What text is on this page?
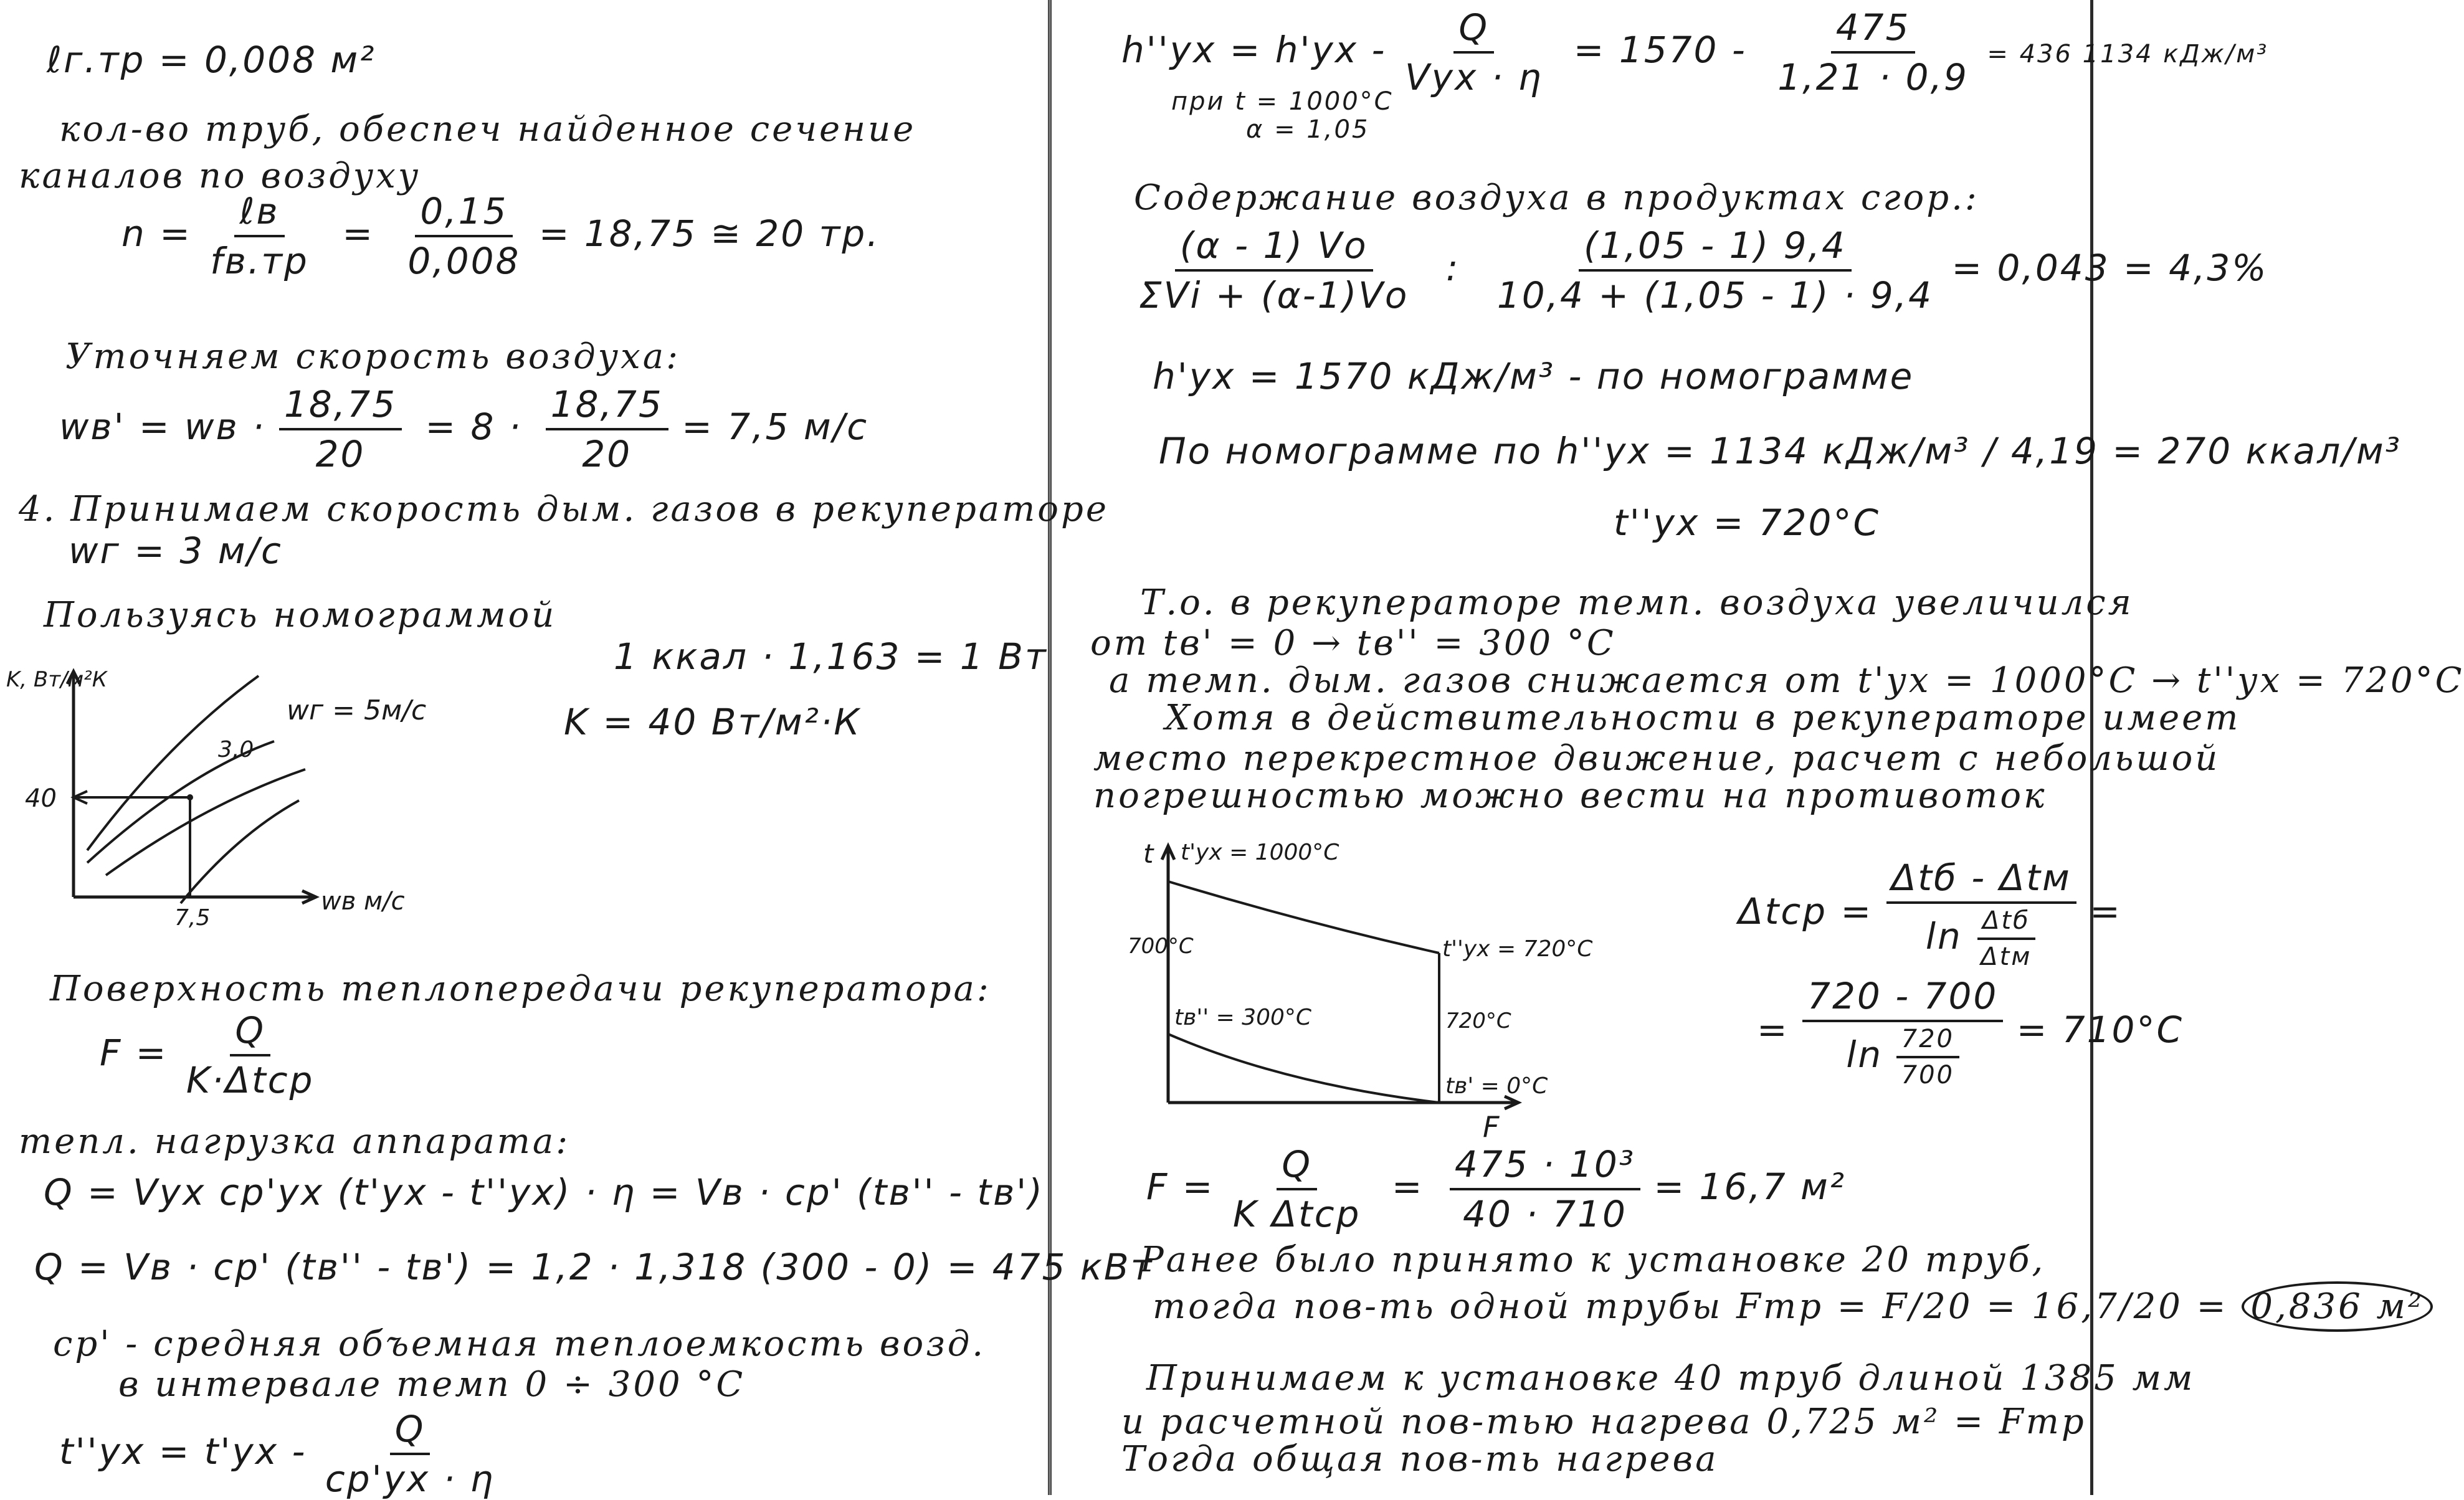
ℓг.тр = 0,008 м²
кол-во труб, обеспеч найденное сечение
каналов по воздуху
$n = \frac{\text{ℓв}}{fв.тр} = \frac{0,15}{0,008} = 18,75$ ≅ 20 тр.
Уточняем скорость воздуха:
wв' = wв · $\frac{18,75}{20} = 8 \cdot \frac{18,75}{20} = 7,5$ м/с
4. Принимаем скорость дым. газов в рекуператоре
wг = 3 м/с
Пользуясь номограммой
1 ккал · 1,163 = 1 Вт
K = 40 Вт/м²·К
K, Вт/м²К
40
7,5
wв м/с
wг = 5м/с
3,0
Поверхность теплопередачи рекуператора:
$F = \frac{Q}{\text{K·Δtср}}$
тепл. нагрузка аппарата:
Q = Vух cp'ух (t'ух - t''ух) · η = Vв · cp' (tв'' - tв')
Q = Vв · cp' (tв'' - tв') = 1,2 · 1,318 (300 - 0) = 475 кВт
cp' - средняя объемная теплоемкость возд.
в интервале темп 0 ÷ 300 °С
$t''ух = t'ух - \frac{Q}{cp'ух \cdot \eta}$
$h''ух = h'ух - \frac{Q}{\text{Vух · η}} = 1570 - \frac{475}{1,21 \cdot 0,9} = 436$ 1134 кДж/м³
при t = 1000°С
α = 1,05
Содержание воздуха в продуктах сгор.:
$\frac{(\alpha - 1) Vо}{\text{ΣVi + (α-1)Vо}}$ : $\frac{(1,05 - 1) 9,4}{10,4 + (1,05 - 1) \cdot 9,4} = 0,043 = 4,3\%$
h'ух = 1570 кДж/м³ - по номограмме
По номограмме по h''ух = 1134 кДж/м³ / 4,19 = 270 ккал/м³
t''ух = 720°С
Т.о. в рекуператоре темп. воздуха увеличился
от tв' = 0 → tв'' = 300 °С
а темп. дым. газов снижается от t'ух = 1000°С → t''ух = 720°С
Хотя в действительности в рекуператоре имеет
место перекрестное движение, расчет с небольшой
погрешностью можно вести на противоток
t
F
t'ух = 1000°С
t''ух = 720°С
700°С
tв'' = 300°С	720°С
tв' = 0°С
$\Delta tср = \frac{\text{Δtб - Δtм}}{\ln \frac{\text{Δtб}}{\text{Δtм}}}$ =
= $\frac{720 - 700}{\ln \frac{720}{700}} = 710^\circ С$
$F = \frac{Q}{\text{K Δtср}} = \frac{\text{475 · 10³}}{40 \cdot 710} = 16,7$ м²
Ранее было принято к установке 20 труб,
тогда пов-ть одной трубы Fтр = F/20 = 16,7/20 = 0,836 м²
Принимаем к установке 40 труб длиной 1385 мм
и расчетной пов-тью нагрева 0,725 м² = Fтр
Тогда общая пов-ть нагрева
